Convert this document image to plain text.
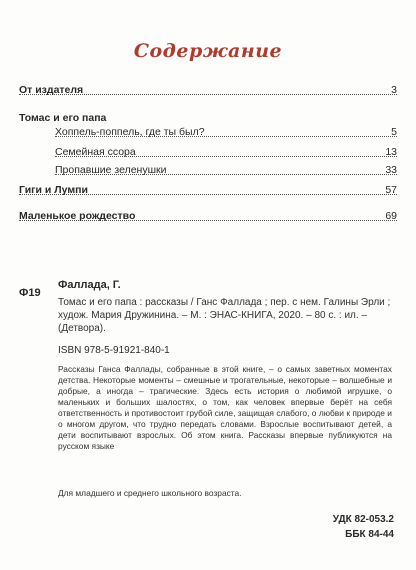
Содержание
От издателя	3
Томас и его папа
Хоппель-поппель, где ты был?	5
Семейная ссора	13
Пропавшие зеленушки	33
Гиги и Лумпи	57
Маленькое рождество	69
Ф19
Фаллада, Г.
Томас и его папа : рассказы / Ганс Фаллада ; пер. с нем. Галины Эрли ; худож. Мария Дружинина. – М. : ЭНАС-КНИГА, 2020. – 80 с. : ил. – (Детвора).
ISBN 978-5-91921-840-1
Рассказы Ганса Фаллады, собранные в этой книге, – о самых заветных моментах детства. Некоторые моменты – смешные и трогательные, некоторые – волшебные и добрые, а иногда – трагические. Здесь есть история о любимой игрушке, о маленьких и больших шалостях, о том, как человек впервые берёт на себя ответственность и противостоит грубой силе, защищая слабого, о любви к природе и о многом другом, что трудно передать словами. Взрослые воспитывают детей, а дети воспитывают взрослых. Об этом книга. Рассказы впервые публикуются на русском языке
Для младшего и среднего школьного возраста.
УДК 82-053.2
ББК 84-44
